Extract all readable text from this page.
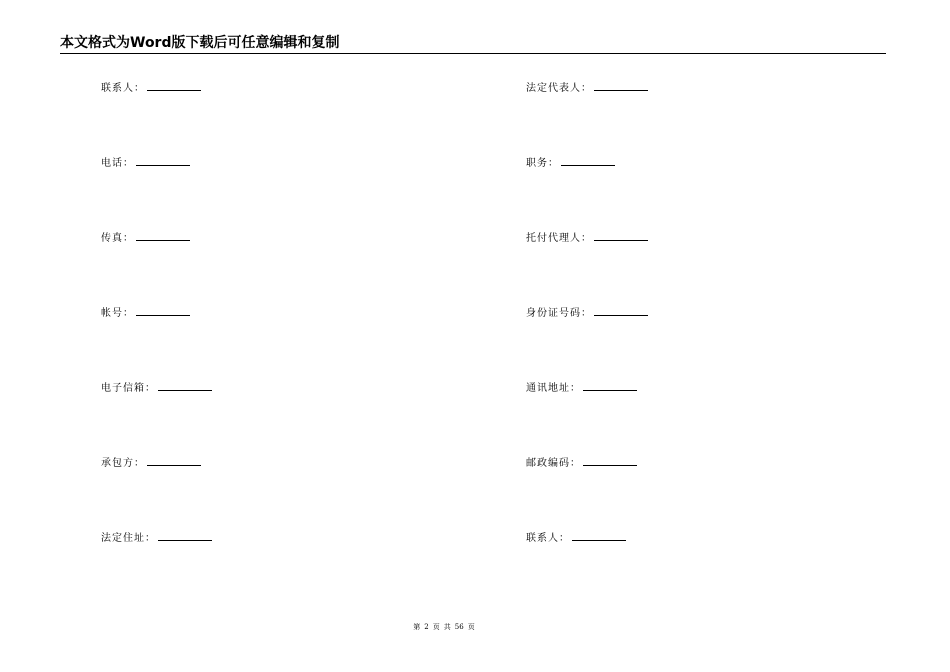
本文格式为Word版下载后可任意编辑和复制
联系人：
电话：
传真：
帐号：
电子信箱：
承包方：
法定住址：
法定代表人：
职务：
托付代理人：
身份证号码：
通讯地址：
邮政编码：
联系人：
第 2 页 共 56 页
